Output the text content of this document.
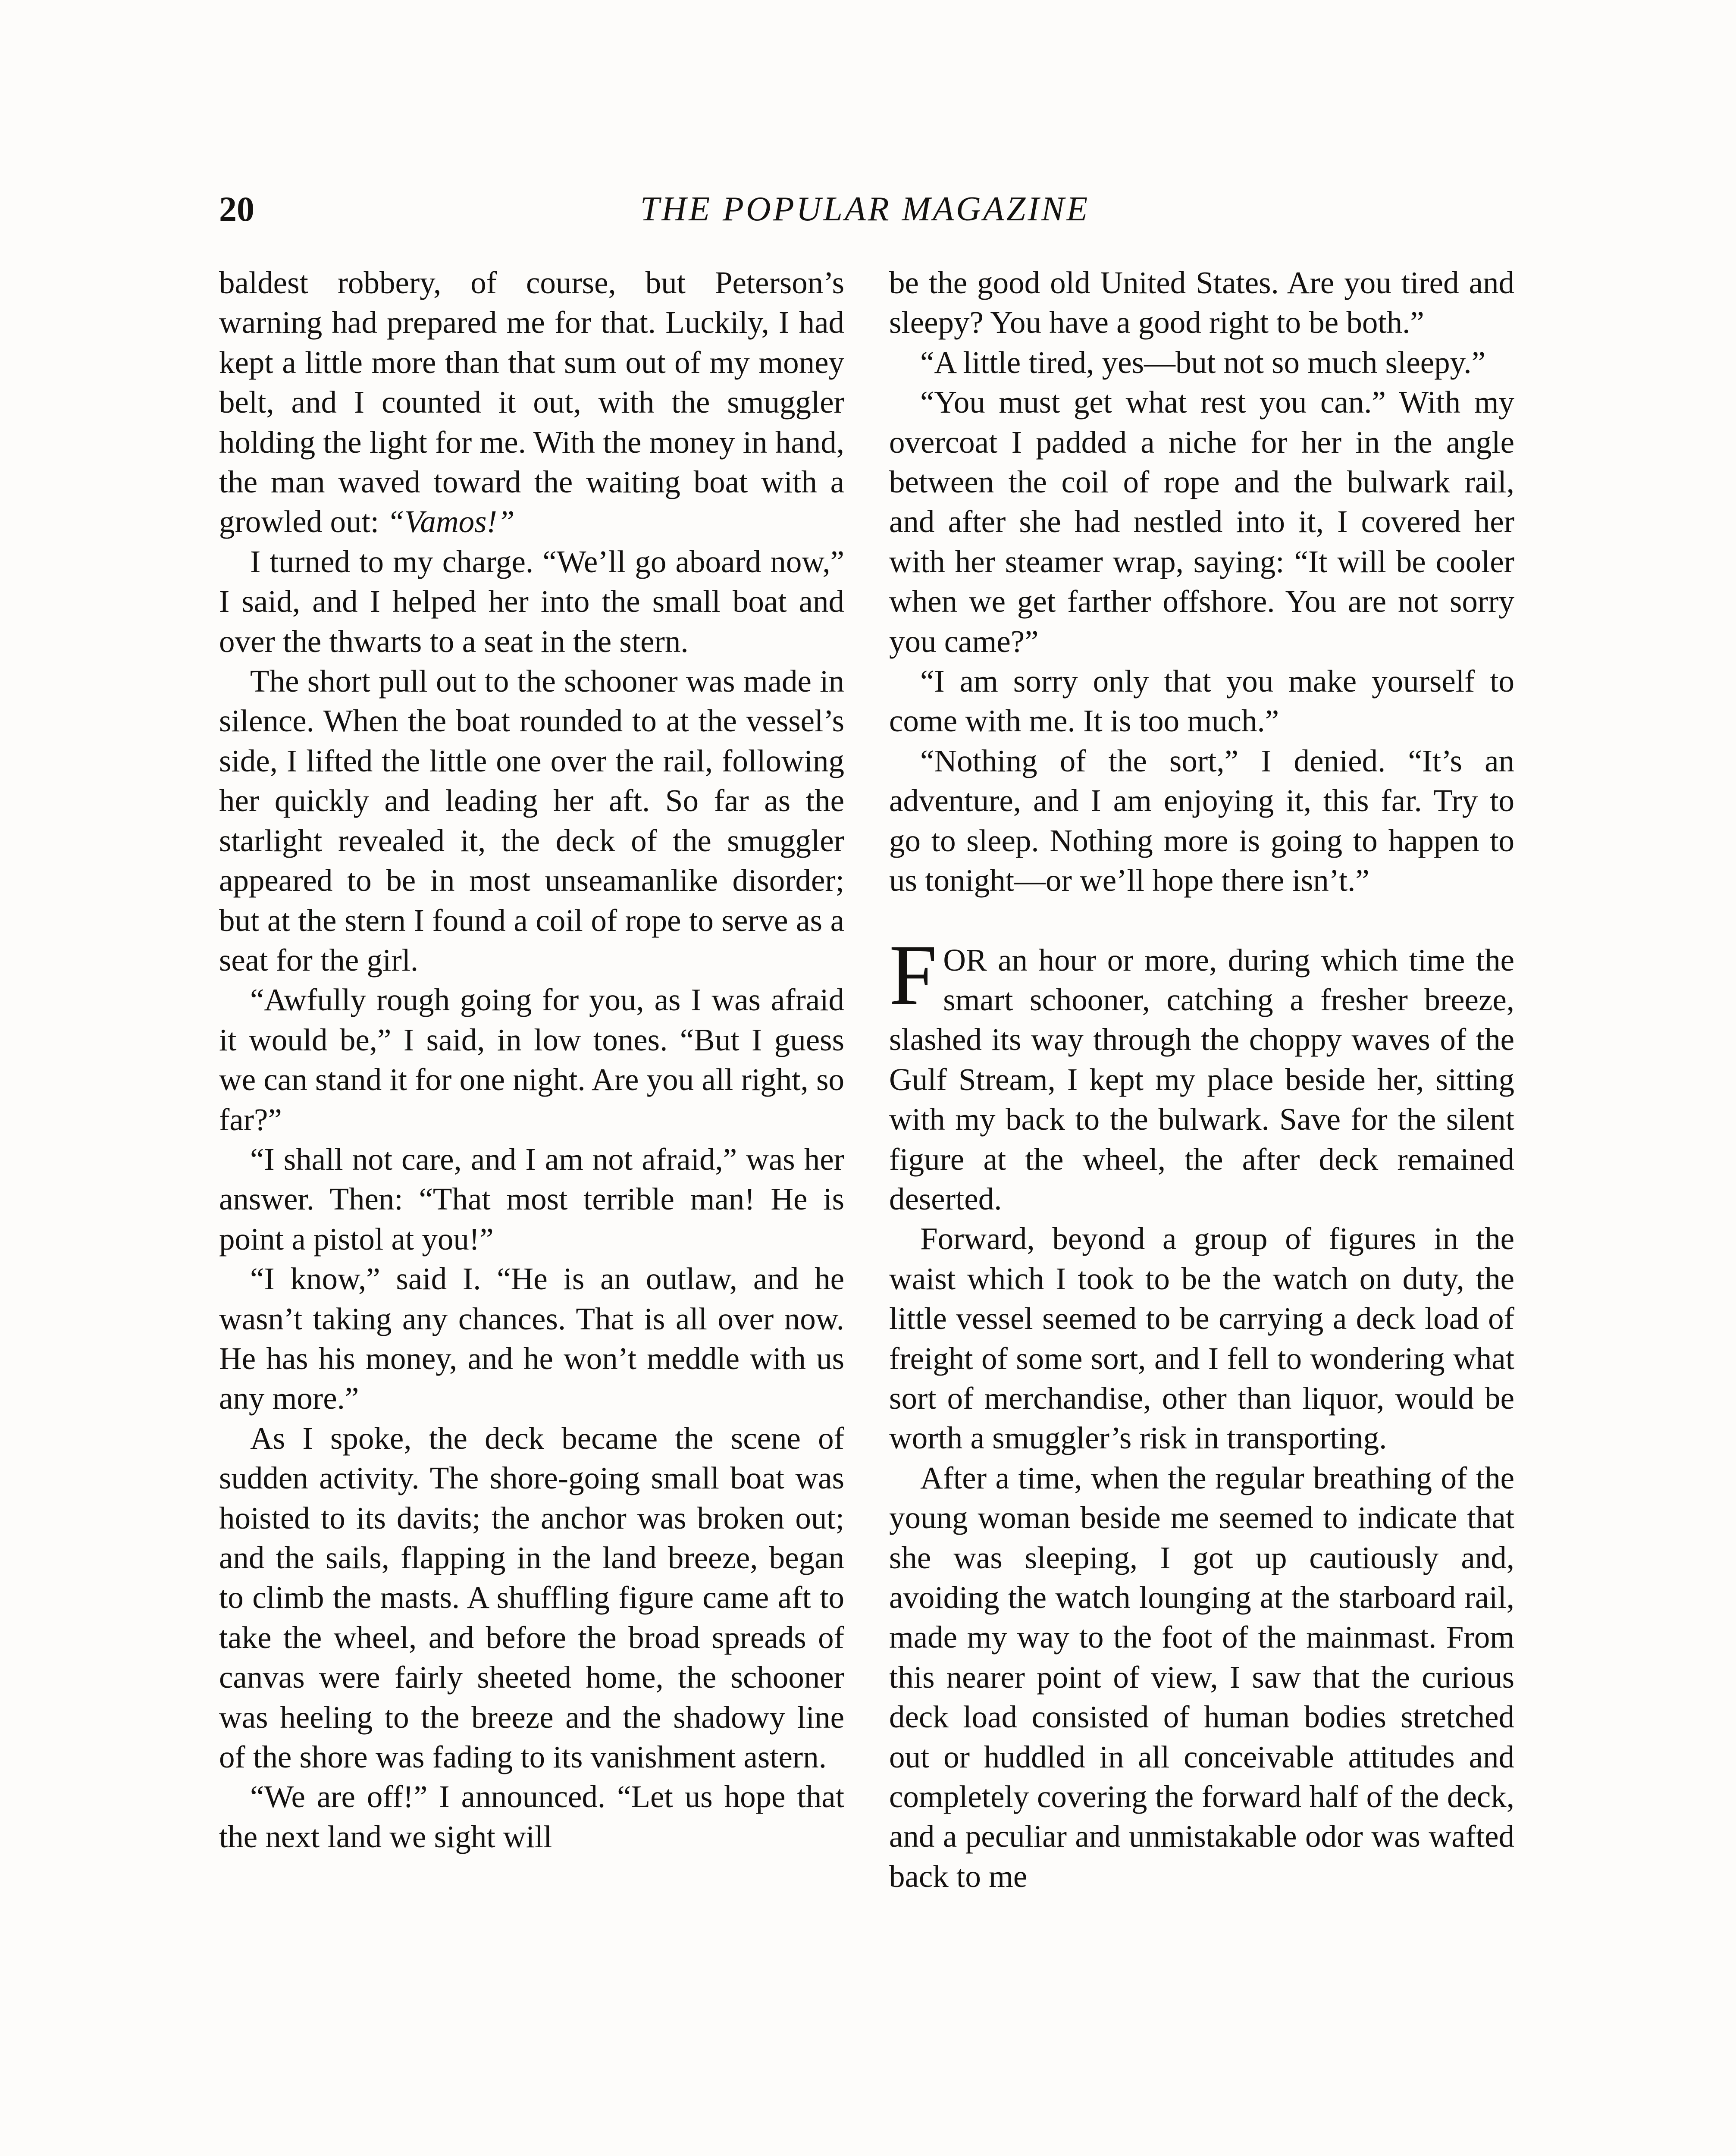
20	THE POPULAR MAGAZINE

baldest robbery, of course, but Peterson’s warning had prepared me for that. Luckily, I had kept a little more than that sum out of my money belt, and I counted it out, with the smuggler holding the light for me. With the money in hand, the man waved toward the waiting boat with a growled out: “Vamos!”

I turned to my charge. “We’ll go aboard now,” I said, and I helped her into the small boat and over the thwarts to a seat in the stern.

The short pull out to the schooner was made in silence. When the boat rounded to at the vessel’s side, I lifted the little one over the rail, following her quickly and leading her aft. So far as the starlight revealed it, the deck of the smuggler appeared to be in most unseamanlike disorder; but at the stern I found a coil of rope to serve as a seat for the girl.

“Awfully rough going for you, as I was afraid it would be,” I said, in low tones. “But I guess we can stand it for one night. Are you all right, so far?”

“I shall not care, and I am not afraid,” was her answer. Then: “That most terrible man! He is point a pistol at you!”

“I know,” said I. “He is an outlaw, and he wasn’t taking any chances. That is all over now. He has his money, and he won’t meddle with us any more.”

As I spoke, the deck became the scene of sudden activity. The shore-going small boat was hoisted to its davits; the anchor was broken out; and the sails, flapping in the land breeze, began to climb the masts. A shuffling figure came aft to take the wheel, and before the broad spreads of canvas were fairly sheeted home, the schooner was heeling to the breeze and the shadowy line of the shore was fading to its vanishment astern.

“We are off!” I announced. “Let us hope that the next land we sight will

be the good old United States. Are you tired and sleepy? You have a good right to be both.”

“A little tired, yes—but not so much sleepy.”

“You must get what rest you can.” With my overcoat I padded a niche for her in the angle between the coil of rope and the bulwark rail, and after she had nestled into it, I covered her with her steamer wrap, saying: “It will be cooler when we get farther offshore. You are not sorry you came?”

“I am sorry only that you make yourself to come with me. It is too much.”

“Nothing of the sort,” I denied. “It’s an adventure, and I am enjoying it, this far. Try to go to sleep. Nothing more is going to happen to us tonight—or we’ll hope there isn’t.”

FOR an hour or more, during which time the smart schooner, catching a fresher breeze, slashed its way through the choppy waves of the Gulf Stream, I kept my place beside her, sitting with my back to the bulwark. Save for the silent figure at the wheel, the after deck remained deserted.

Forward, beyond a group of figures in the waist which I took to be the watch on duty, the little vessel seemed to be carrying a deck load of freight of some sort, and I fell to wondering what sort of merchandise, other than liquor, would be worth a smuggler’s risk in transporting.

After a time, when the regular breathing of the young woman beside me seemed to indicate that she was sleeping, I got up cautiously and, avoiding the watch lounging at the starboard rail, made my way to the foot of the mainmast. From this nearer point of view, I saw that the curious deck load consisted of human bodies stretched out or huddled in all conceivable attitudes and completely covering the forward half of the deck, and a peculiar and unmistakable odor was wafted back to me
